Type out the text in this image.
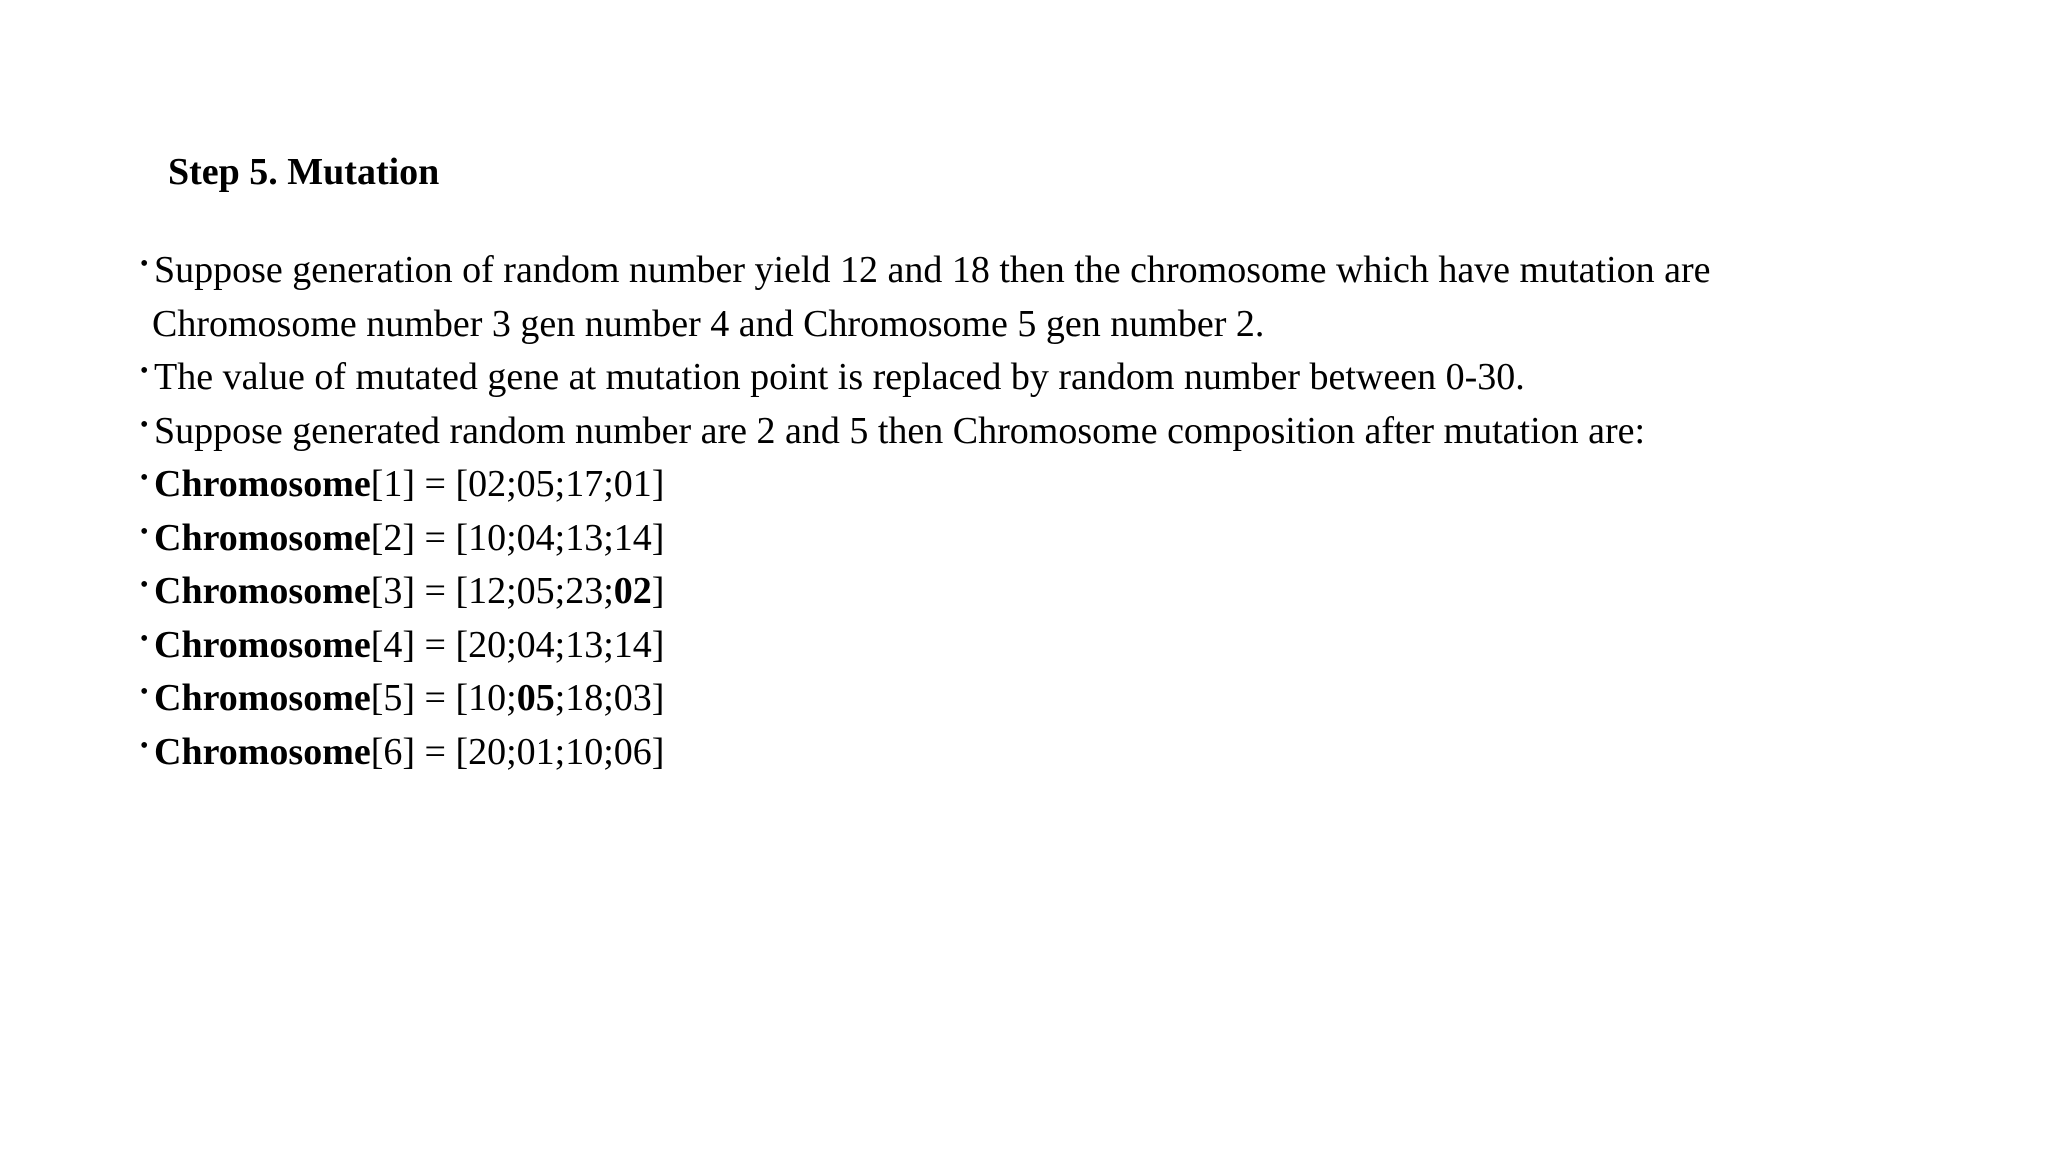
Step 5. Mutation
• Suppose generation of random number yield 12 and 18 then the chromosome which have mutation are
Chromosome number 3 gen number 4 and Chromosome 5 gen number 2.
• The value of mutated gene at mutation point is replaced by random number between 0-30.
• Suppose generated random number are 2 and 5 then Chromosome composition after mutation are:
• Chromosome[1] = [02;05;17;01]
• Chromosome[2] = [10;04;13;14]
• Chromosome[3] = [12;05;23;02]
• Chromosome[4] = [20;04;13;14]
• Chromosome[5] = [10;05;18;03]
• Chromosome[6] = [20;01;10;06]
